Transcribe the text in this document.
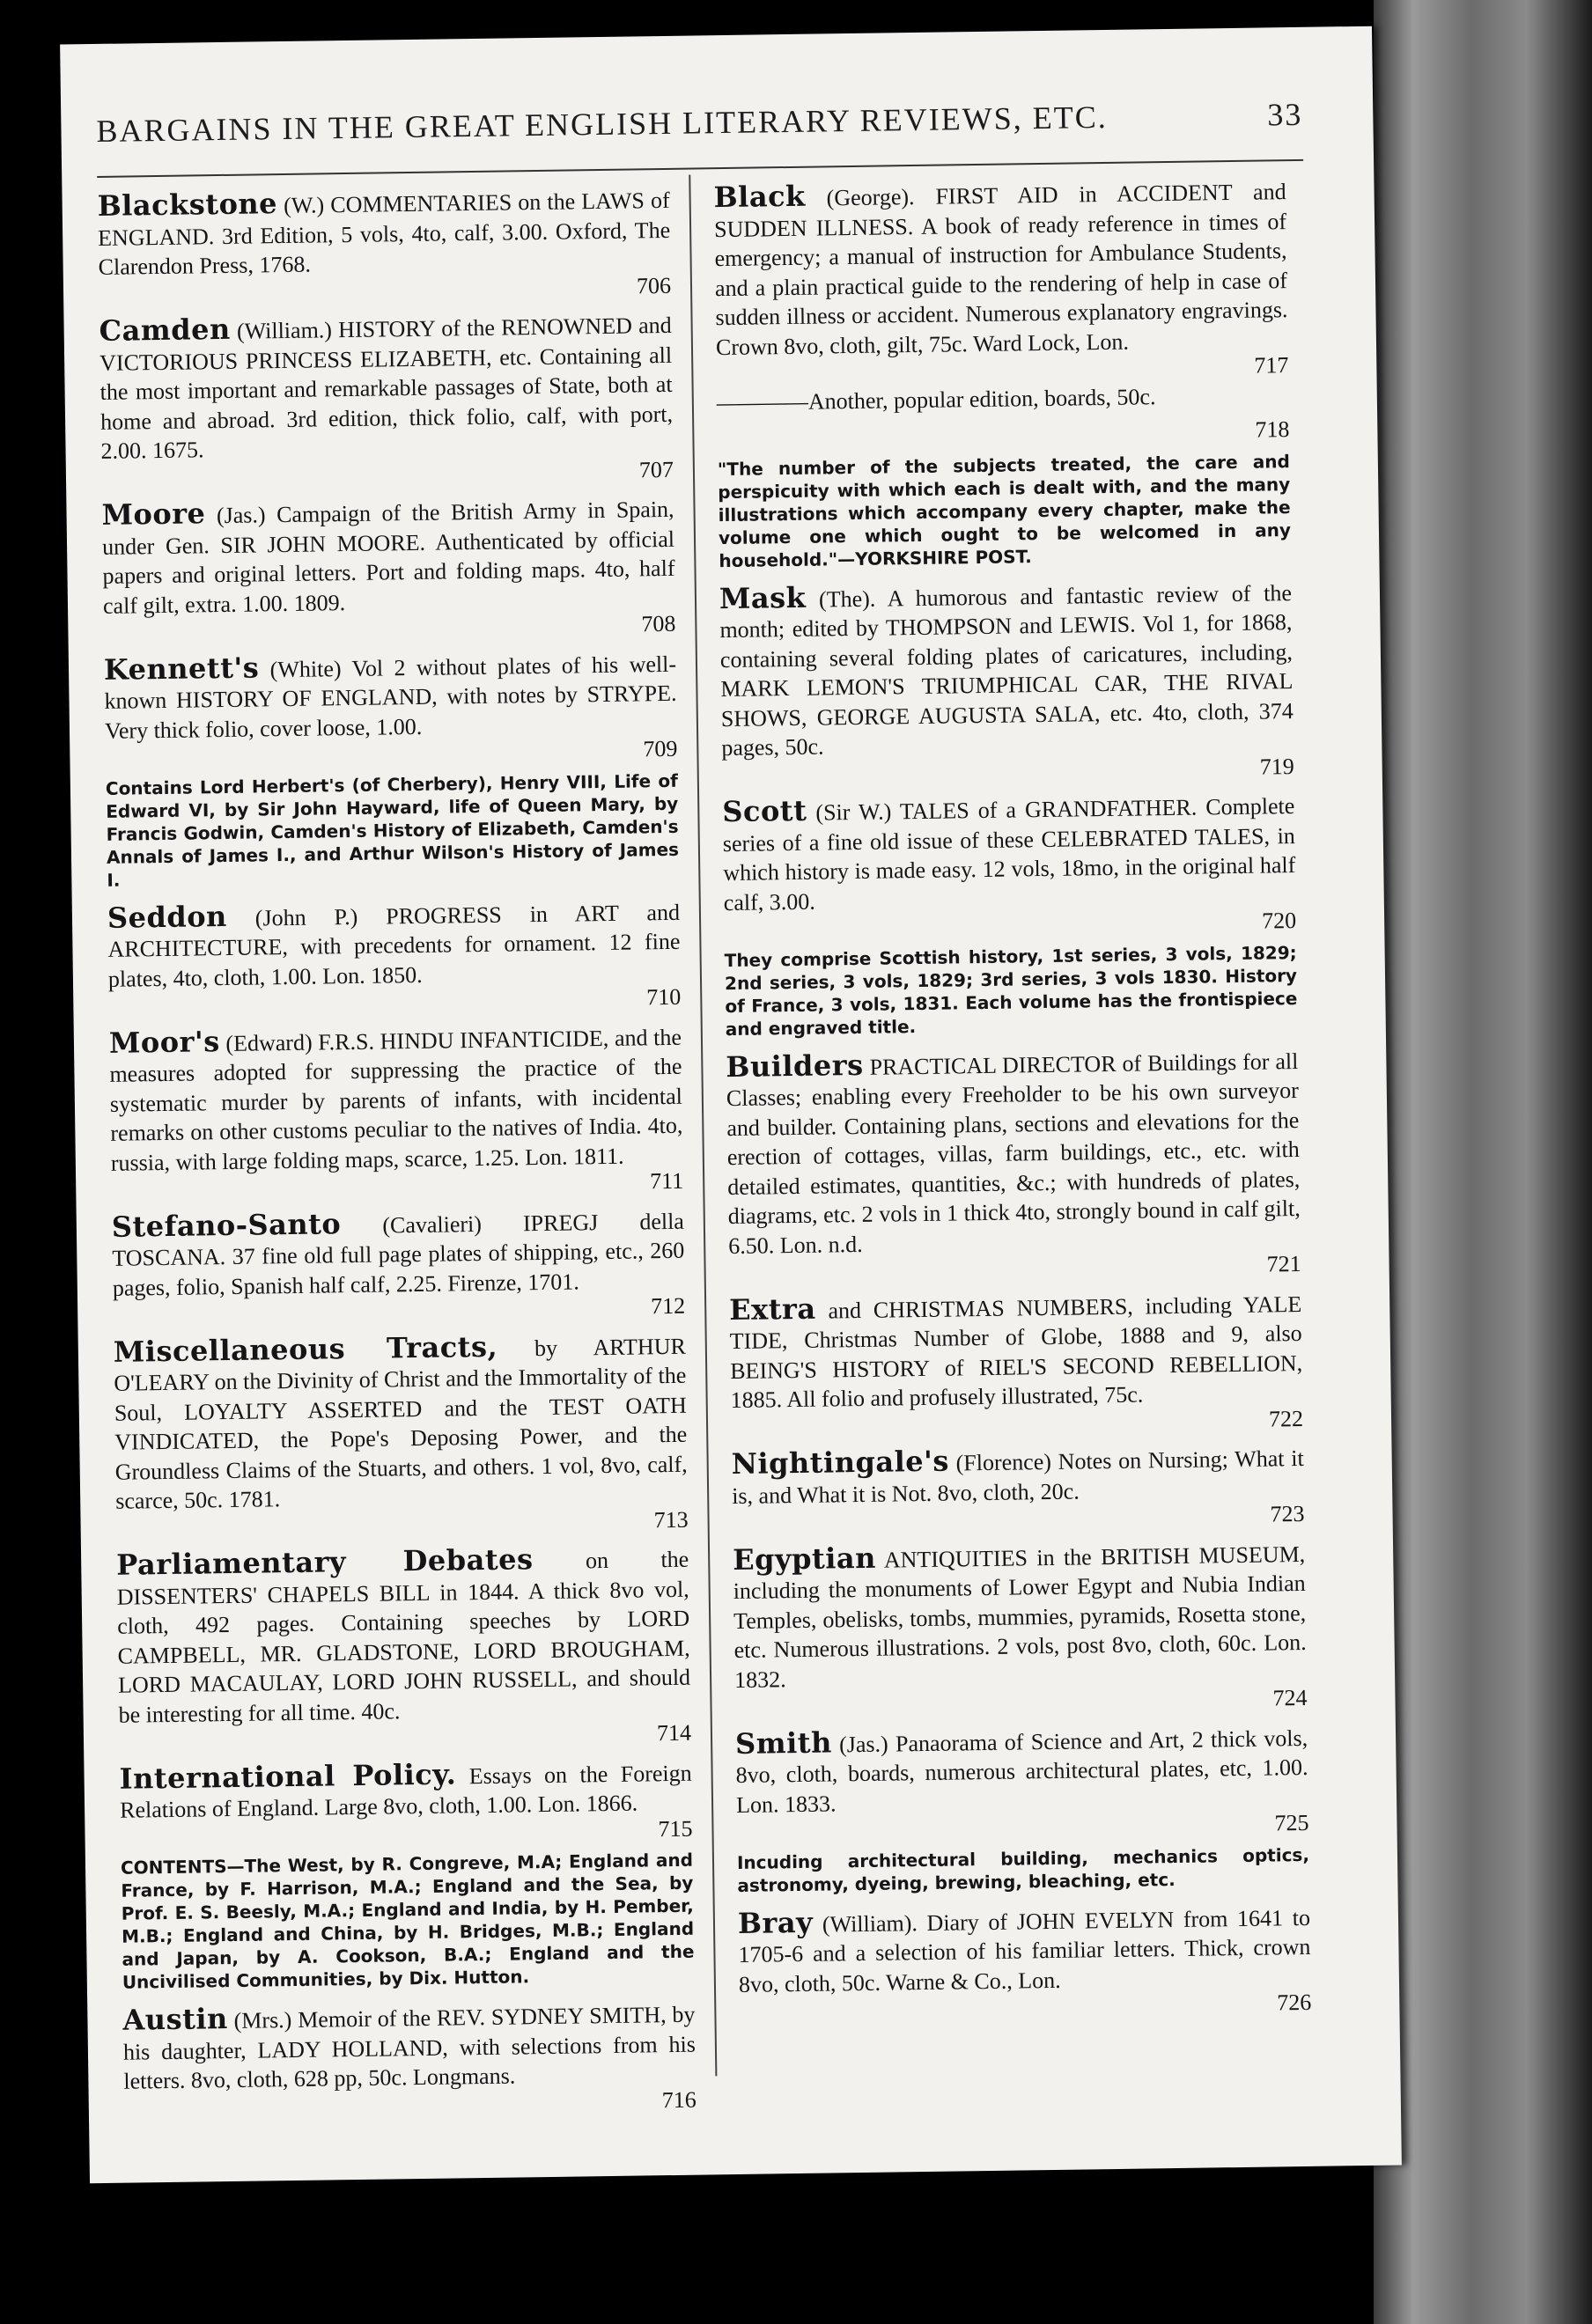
BARGAINS IN THE GREAT ENGLISH LITERARY REVIEWS, ETC.	33
Blackstone (W.) COMMENTARIES on the LAWS of ENGLAND. 3rd Edition, 5 vols, 4to, calf, 3.00. Oxford, The Clarendon Press, 1768.
706
Camden (William.) HISTORY of the RENOWNED and VICTORIOUS PRINCESS ELIZABETH, etc. Containing all the most important and remarkable passages of State, both at home and abroad. 3rd edition, thick folio, calf, with port, 2.00. 1675.
707
Moore (Jas.) Campaign of the British Army in Spain, under Gen. SIR JOHN MOORE. Authenticated by official papers and original letters. Port and folding maps. 4to, half calf gilt, extra. 1.00. 1809.
708
Kennett's (White) Vol 2 without plates of his well-known HISTORY OF ENGLAND, with notes by STRYPE. Very thick folio, cover loose, 1.00.
709
Contains Lord Herbert's (of Cherbery), Henry VIII, Life of Edward VI, by Sir John Hayward, life of Queen Mary, by Francis Godwin, Camden's History of Elizabeth, Camden's Annals of James I., and Arthur Wilson's History of James I.
Seddon (John P.) PROGRESS in ART and ARCHITECTURE, with precedents for ornament. 12 fine plates, 4to, cloth, 1.00. Lon. 1850.
710
Moor's (Edward) F.R.S. HINDU INFANTICIDE, and the measures adopted for suppressing the practice of the systematic murder by parents of infants, with incidental remarks on other customs peculiar to the natives of India. 4to, russia, with large folding maps, scarce, 1.25. Lon. 1811.
711
Stefano-Santo (Cavalieri) IPREGJ della TOSCANA. 37 fine old full page plates of shipping, etc., 260 pages, folio, Spanish half calf, 2.25. Firenze, 1701.
712
Miscellaneous Tracts, by ARTHUR O'LEARY on the Divinity of Christ and the Immortality of the Soul, LOYALTY ASSERTED and the TEST OATH VINDICATED, the Pope's Deposing Power, and the Groundless Claims of the Stuarts, and others. 1 vol, 8vo, calf, scarce, 50c. 1781.
713
Parliamentary Debates on the DISSENTERS' CHAPELS BILL in 1844. A thick 8vo vol, cloth, 492 pages. Containing speeches by LORD CAMPBELL, MR. GLADSTONE, LORD BROUGHAM, LORD MACAULAY, LORD JOHN RUSSELL, and should be interesting for all time. 40c.
714
International Policy. Essays on the Foreign Relations of England. Large 8vo, cloth, 1.00. Lon. 1866.
715
CONTENTS—The West, by R. Congreve, M.A; England and France, by F. Harrison, M.A.; England and the Sea, by Prof. E. S. Beesly, M.A.; England and India, by H. Pember, M.B.; England and China, by H. Bridges, M.B.; England and Japan, by A. Cookson, B.A.; England and the Uncivilised Communities, by Dix. Hutton.
Austin (Mrs.) Memoir of the REV. SYDNEY SMITH, by his daughter, LADY HOLLAND, with selections from his letters. 8vo, cloth, 628 pp, 50c. Longmans.
716
Black (George). FIRST AID in ACCIDENT and SUDDEN ILLNESS. A book of ready reference in times of emergency; a manual of instruction for Ambulance Students, and a plain practical guide to the rendering of help in case of sudden illness or accident. Numerous explanatory engravings. Crown 8vo, cloth, gilt, 75c. Ward Lock, Lon.
717
————Another, popular edition, boards, 50c.
718
"The number of the subjects treated, the care and perspicuity with which each is dealt with, and the many illustrations which accompany every chapter, make the volume one which ought to be welcomed in any household."—YORKSHIRE POST.
Mask (The). A humorous and fantastic review of the month; edited by THOMPSON and LEWIS. Vol 1, for 1868, containing several folding plates of caricatures, including, MARK LEMON'S TRIUMPHICAL CAR, THE RIVAL SHOWS, GEORGE AUGUSTA SALA, etc. 4to, cloth, 374 pages, 50c.
719
Scott (Sir W.) TALES of a GRANDFATHER. Complete series of a fine old issue of these CELEBRATED TALES, in which history is made easy. 12 vols, 18mo, in the original half calf, 3.00.
720
They comprise Scottish history, 1st series, 3 vols, 1829; 2nd series, 3 vols, 1829; 3rd series, 3 vols 1830. History of France, 3 vols, 1831. Each volume has the frontispiece and engraved title.
Builders PRACTICAL DIRECTOR of Buildings for all Classes; enabling every Freeholder to be his own surveyor and builder. Containing plans, sections and elevations for the erection of cottages, villas, farm buildings, etc., etc. with detailed estimates, quantities, &c.; with hundreds of plates, diagrams, etc. 2 vols in 1 thick 4to, strongly bound in calf gilt, 6.50. Lon. n.d.
721
Extra and CHRISTMAS NUMBERS, including YALE TIDE, Christmas Number of Globe, 1888 and 9, also BEING'S HISTORY of RIEL'S SECOND REBELLION, 1885. All folio and profusely illustrated, 75c.
722
Nightingale's (Florence) Notes on Nursing; What it is, and What it is Not. 8vo, cloth, 20c.
723
Egyptian ANTIQUITIES in the BRITISH MUSEUM, including the monuments of Lower Egypt and Nubia Indian Temples, obelisks, tombs, mummies, pyramids, Rosetta stone, etc. Numerous illustrations. 2 vols, post 8vo, cloth, 60c. Lon. 1832.
724
Smith (Jas.) Panaorama of Science and Art, 2 thick vols, 8vo, cloth, boards, numerous architectural plates, etc, 1.00. Lon. 1833.
725
Incuding architectural building, mechanics optics, astronomy, dyeing, brewing, bleaching, etc.
Bray (William). Diary of JOHN EVELYN from 1641 to 1705-6 and a selection of his familiar letters. Thick, crown 8vo, cloth, 50c. Warne & Co., Lon.
726
